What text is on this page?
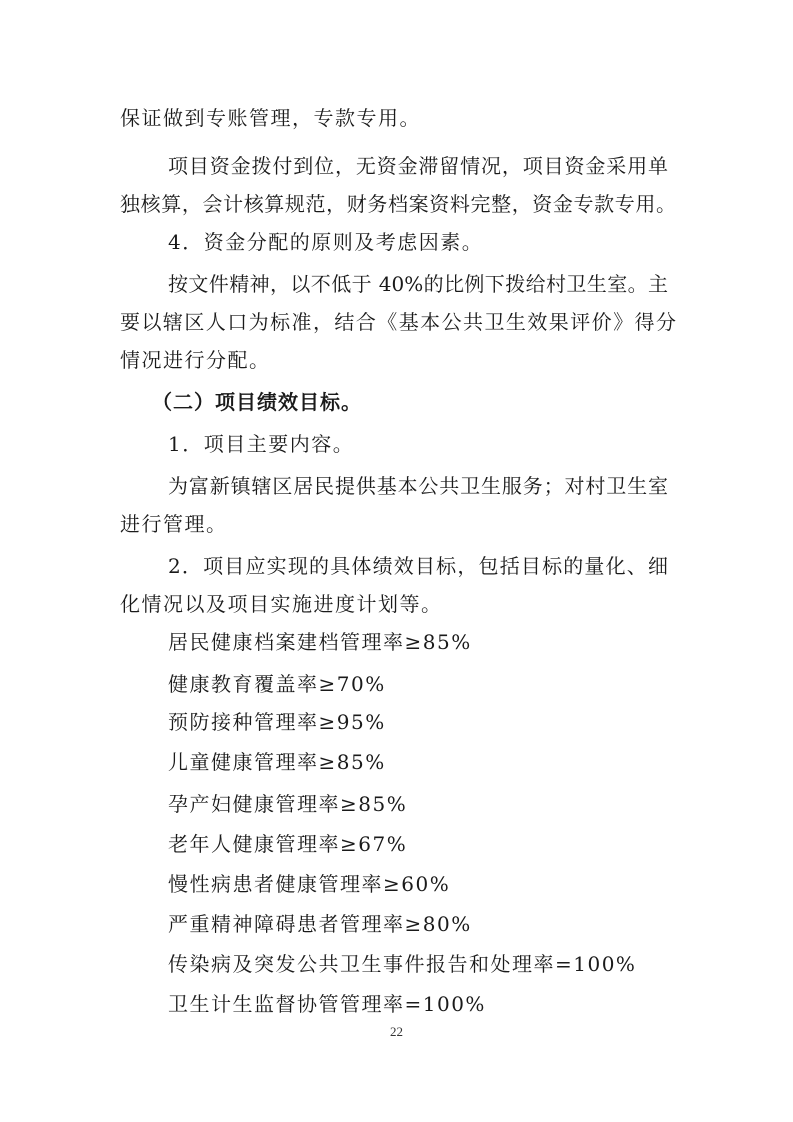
保证做到专账管理，专款专用。
项目资金拨付到位，无资金滞留情况，项目资金采用单
独核算，会计核算规范，财务档案资料完整，资金专款专用。
4．资金分配的原则及考虑因素。
按文件精神，以不低于 40%的比例下拨给村卫生室。主
要以辖区人口为标准，结合《基本公共卫生效果评价》得分
情况进行分配。
（二）项目绩效目标。
1．项目主要内容。
为富新镇辖区居民提供基本公共卫生服务；对村卫生室
进行管理。
2．项目应实现的具体绩效目标，包括目标的量化、细
化情况以及项目实施进度计划等。
居民健康档案建档管理率≥85%
健康教育覆盖率≥70%
预防接种管理率≥95%
儿童健康管理率≥85%
孕产妇健康管理率≥85%
老年人健康管理率≥67%
慢性病患者健康管理率≥60%
严重精神障碍患者管理率≥80%
传染病及突发公共卫生事件报告和处理率=100%
卫生计生监督协管管理率=100%
22
